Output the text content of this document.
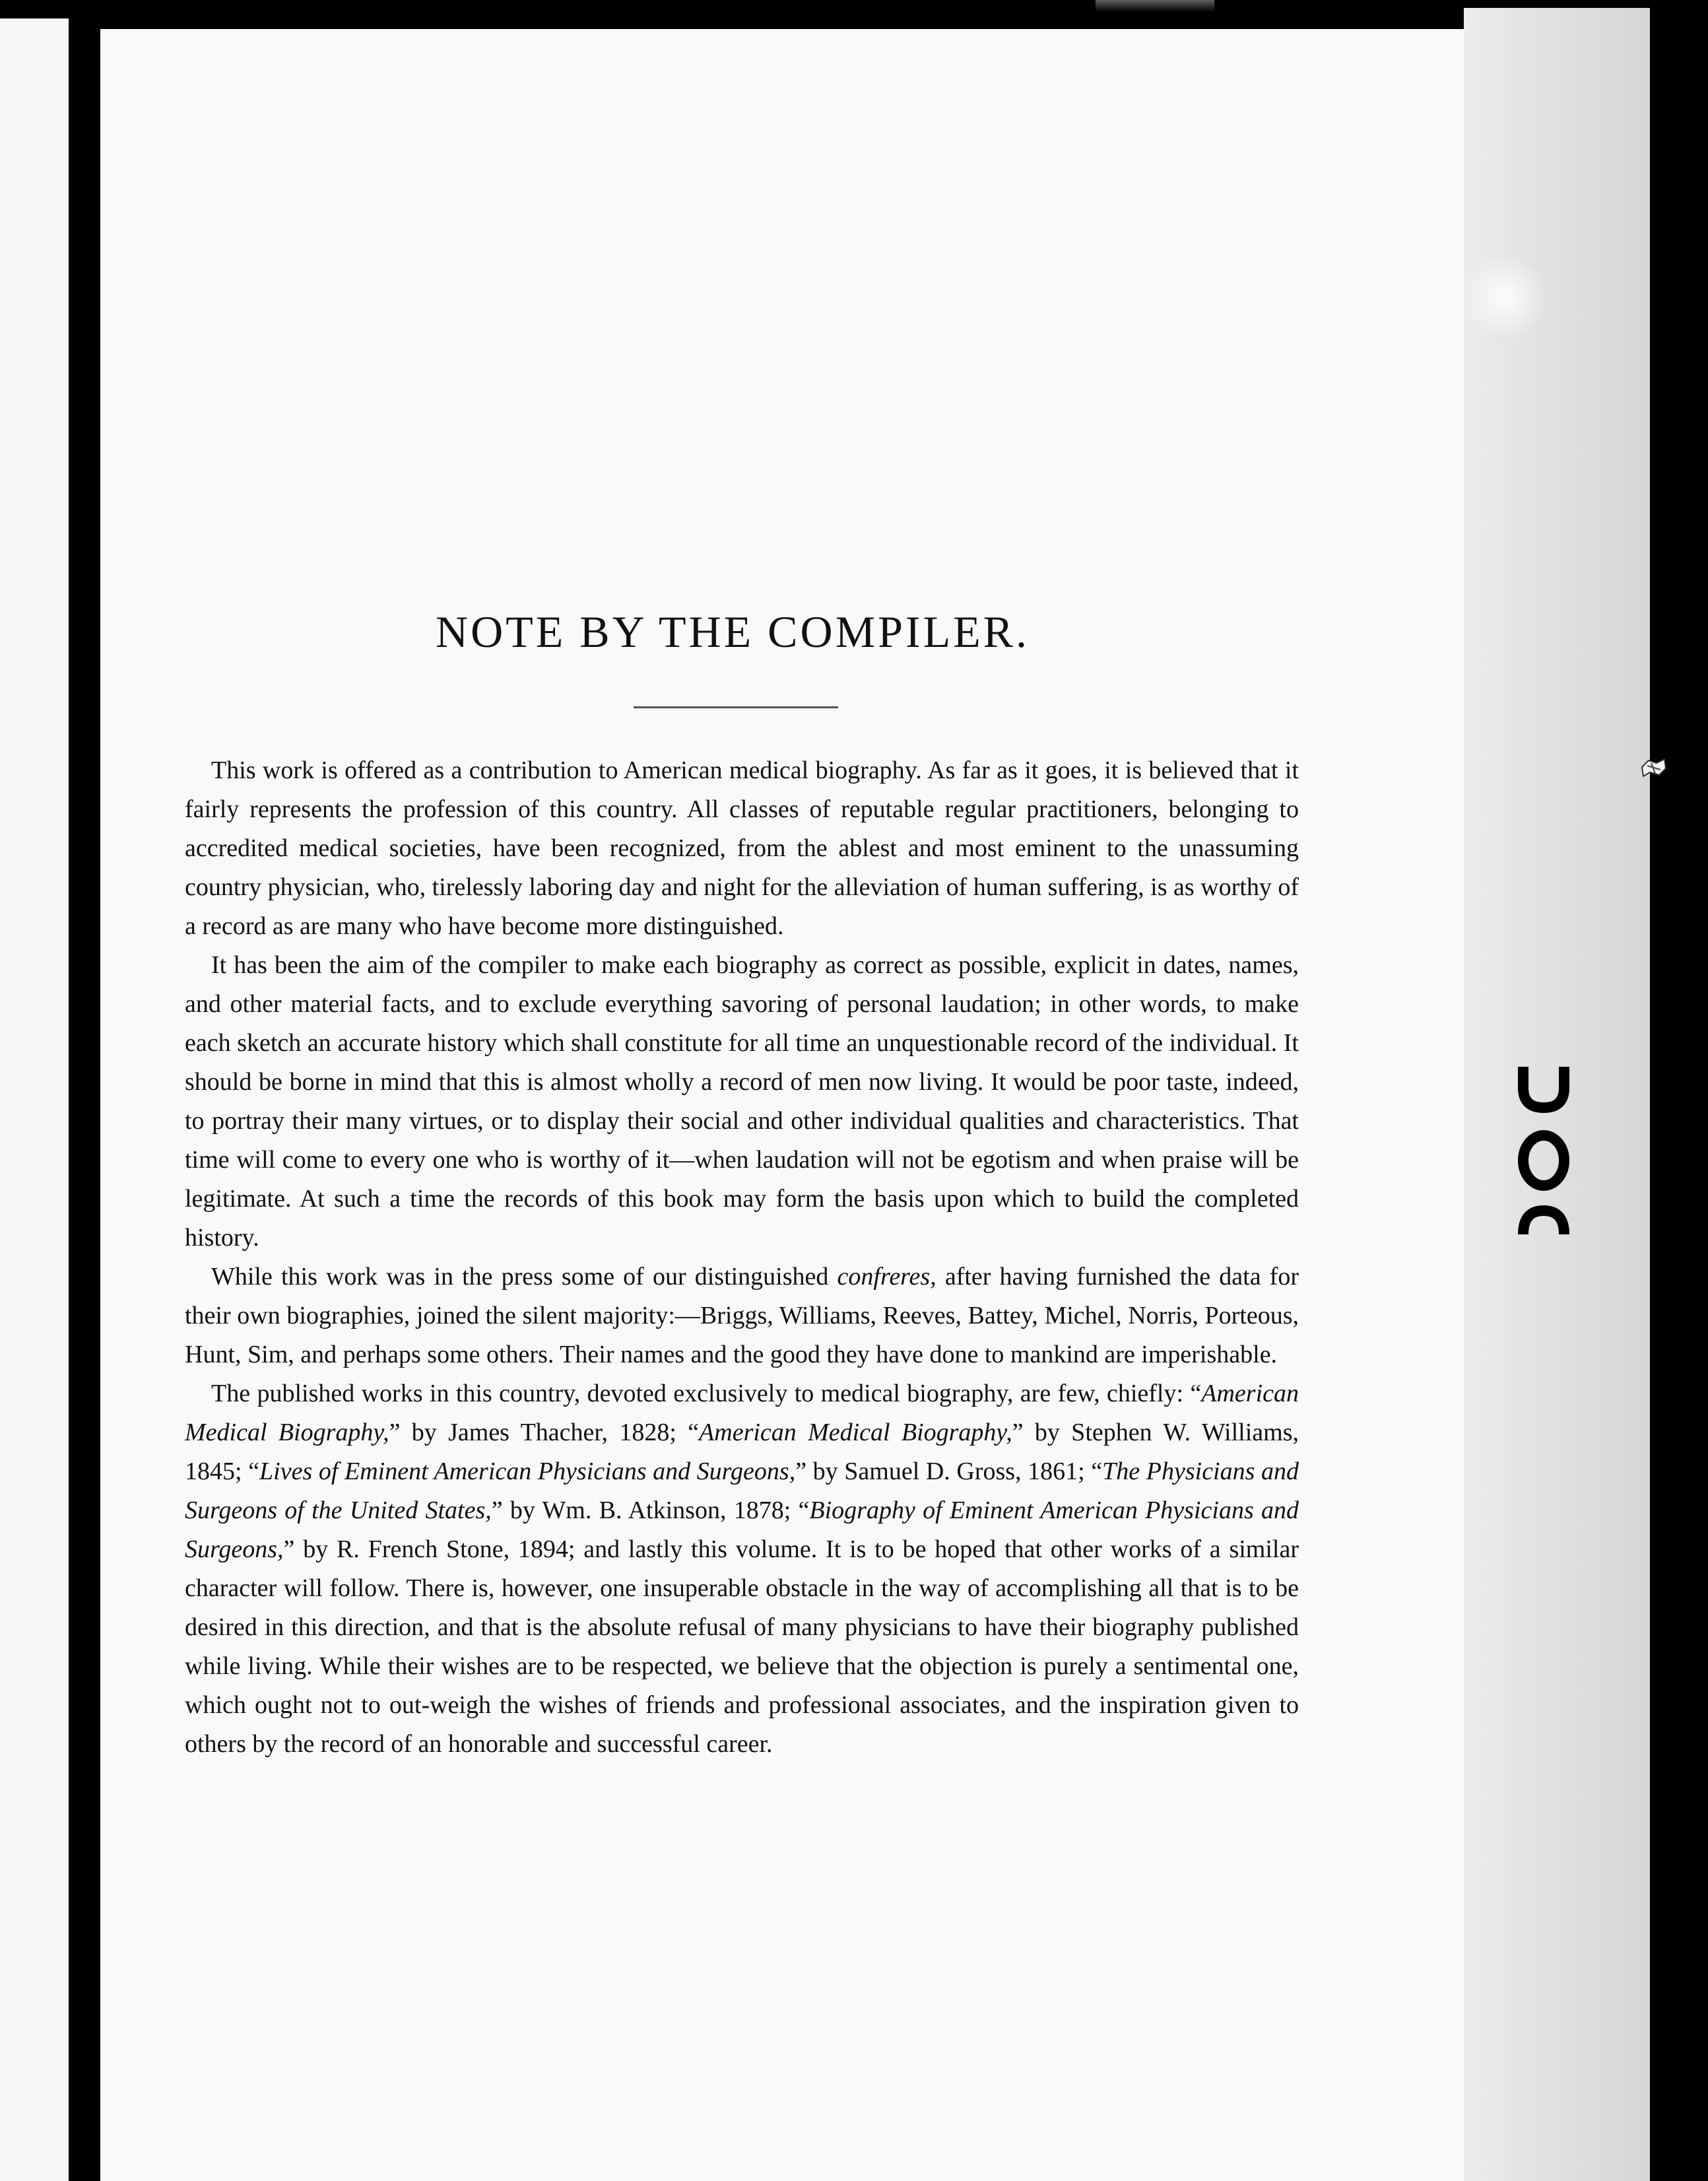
NOTE BY THE COMPILER.

This work is offered as a contribution to American medical biography. As far as it goes, it is believed that it fairly represents the profession of this country. All classes of reputable regular practitioners, belonging to accredited medical societies, have been recognized, from the ablest and most eminent to the unassuming country physician, who, tirelessly laboring day and night for the alleviation of human suffering, is as worthy of a record as are many who have become more distinguished.

It has been the aim of the compiler to make each biography as correct as possible, explicit in dates, names, and other material facts, and to exclude everything savoring of personal laudation; in other words, to make each sketch an accurate history which shall constitute for all time an unquestionable record of the individual. It should be borne in mind that this is almost wholly a record of men now living. It would be poor taste, indeed, to portray their many virtues, or to display their social and other individual qualities and characteristics. That time will come to every one who is worthy of it—when laudation will not be egotism and when praise will be legitimate. At such a time the records of this book may form the basis upon which to build the completed history.

While this work was in the press some of our distinguished confreres, after having furnished the data for their own biographies, joined the silent majority:—Briggs, Williams, Reeves, Battey, Michel, Norris, Porteous, Hunt, Sim, and perhaps some others. Their names and the good they have done to mankind are imperishable.

The published works in this country, devoted exclusively to medical biography, are few, chiefly: “American Medical Biography,” by James Thacher, 1828; “American Medical Biography,” by Stephen W. Williams, 1845; “Lives of Eminent American Physicians and Surgeons,” by Samuel D. Gross, 1861; “The Physicians and Surgeons of the United States,” by Wm. B. Atkinson, 1878; “Biography of Eminent American Physicians and Surgeons,” by R. French Stone, 1894; and lastly this volume. It is to be hoped that other works of a similar character will follow. There is, however, one insuperable obstacle in the way of accomplishing all that is to be desired in this direction, and that is the absolute refusal of many physicians to have their biography published while living. While their wishes are to be respected, we believe that the objection is purely a sentimental one, which ought not to out-weigh the wishes of friends and professional associates, and the inspiration given to others by the record of an honorable and successful career.
